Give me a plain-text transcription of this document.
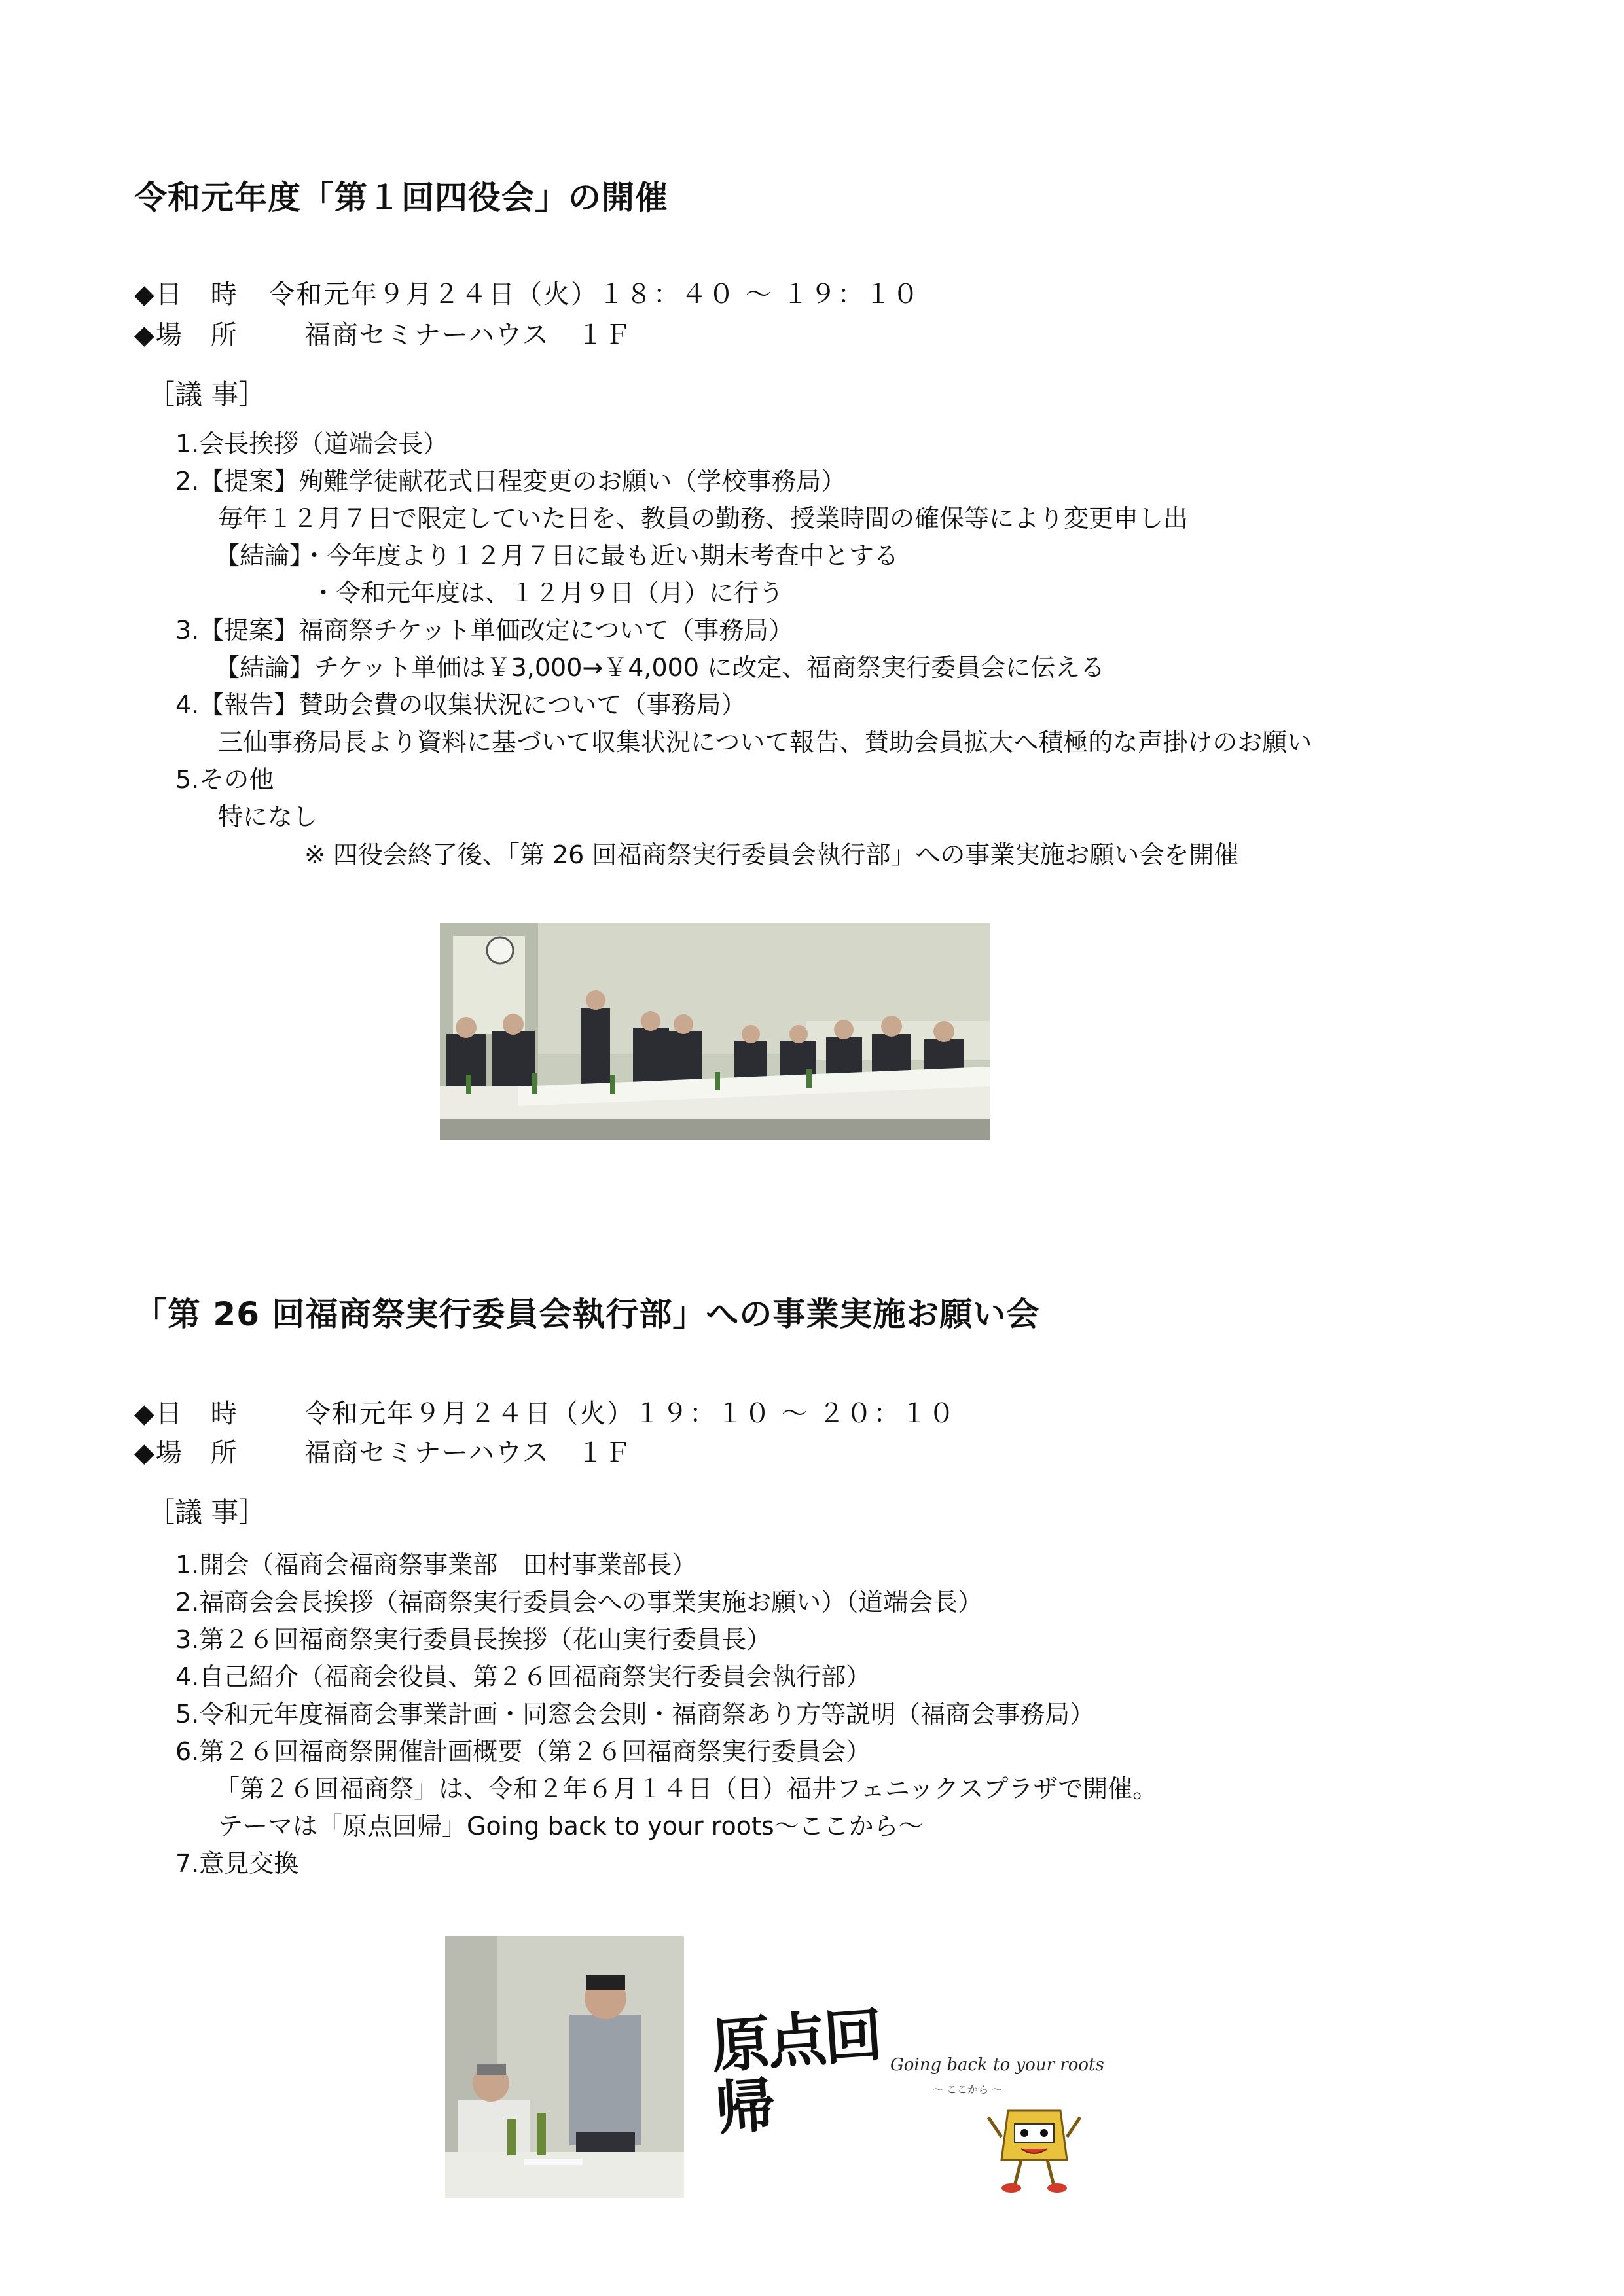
令和元年度「第１回四役会」の開催
◆日　時 令和元年９月２４日（火）１８：４０ ～ １９：１０
◆場　所	福商セミナーハウス　１Ｆ
［議 事］
1.会長挨拶（道端会長）
2.【提案】殉難学徒献花式日程変更のお願い（学校事務局）
毎年１２月７日で限定していた日を、教員の勤務、授業時間の確保等により変更申し出
【結論】・今年度より１２月７日に最も近い期末考査中とする
・令和元年度は、１２月９日（月）に行う
3.【提案】福商祭チケット単価改定について（事務局）
【結論】チケット単価は￥3,000→￥4,000 に改定、福商祭実行委員会に伝える
4.【報告】賛助会費の収集状況について（事務局）
三仙事務局長より資料に基づいて収集状況について報告、賛助会員拡大へ積極的な声掛けのお願い
5.その他
特になし
※ 四役会終了後、「第 26 回福商祭実行委員会執行部」への事業実施お願い会を開催
「第 26 回福商祭実行委員会執行部」への事業実施お願い会
◆日　時	令和元年９月２４日（火）１９：１０ ～ ２０：１０
◆場　所	福商セミナーハウス　１Ｆ
［議 事］
1.開会（福商会福商祭事業部　田村事業部長）
2.福商会会長挨拶（福商祭実行委員会への事業実施お願い）（道端会長）
3.第２６回福商祭実行委員長挨拶（花山実行委員長）
4.自己紹介（福商会役員、第２６回福商祭実行委員会執行部）
5.令和元年度福商会事業計画・同窓会会則・福商祭あり方等説明（福商会事務局）
6.第２６回福商祭開催計画概要（第２６回福商祭実行委員会）
「第２６回福商祭」は、令和２年６月１４日（日）福井フェニックスプラザで開催。
テーマは「原点回帰」Going back to your roots～ここから～
7.意見交換
原点回帰
Going back to your roots
～ ここから ～
